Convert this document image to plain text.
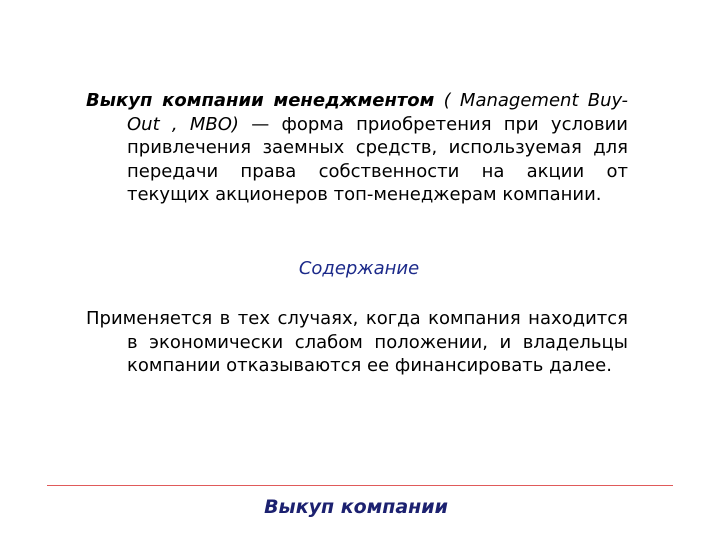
Выкуп компании менеджментом ( Management Buy-Out , MBO) — форма приобретения при условии привлечения заемных средств, используемая для передачи права собственности на акции от текущих акционеров топ-менеджерам компании.
Содержание
Применяется в тех случаях, когда компания находится в экономически слабом положении, и владельцы компании отказываются ее финансировать далее.
Выкуп компании
